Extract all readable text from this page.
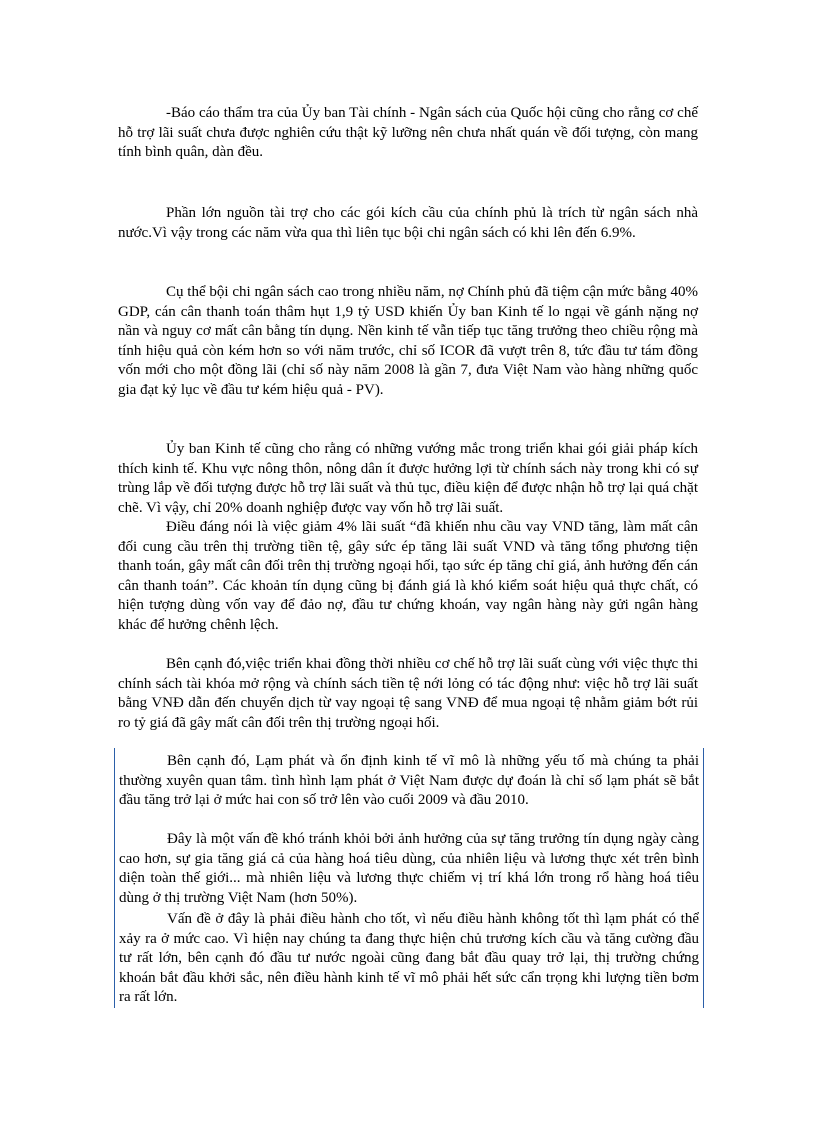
-Báo cáo thẩm tra của Ủy ban Tài chính - Ngân sách của Quốc hội cũng cho rằng cơ chế hỗ trợ lãi suất chưa được nghiên cứu thật kỹ lưỡng nên chưa nhất quán về đối tượng, còn mang tính bình quân, dàn đều.

Phần lớn nguồn tài trợ cho các gói kích cầu của chính phủ là trích từ ngân sách nhà nước.Vì vậy trong các năm vừa qua thì liên tục bội chi ngân sách có khi lên đến 6.9%.

Cụ thể bội chi ngân sách cao trong nhiều năm, nợ Chính phủ đã tiệm cận mức bằng 40% GDP, cán cân thanh toán thâm hụt 1,9 tỷ USD khiến Ủy ban Kinh tế lo ngại về gánh nặng nợ nần và nguy cơ mất cân bằng tín dụng. Nền kinh tế vẫn tiếp tục tăng trưởng theo chiều rộng mà tính hiệu quả còn kém hơn so với năm trước, chỉ số ICOR đã vượt trên 8, tức đầu tư tám đồng vốn mới cho một đồng lãi (chỉ số này năm 2008 là gần 7, đưa Việt Nam vào hàng những quốc gia đạt kỷ lục về đầu tư kém hiệu quả - PV).

Ủy ban Kinh tế cũng cho rằng có những vướng mắc trong triển khai gói giải pháp kích thích kinh tế. Khu vực nông thôn, nông dân ít được hưởng lợi từ chính sách này trong khi có sự trùng lắp về đối tượng được hỗ trợ lãi suất và thủ tục, điều kiện để được nhận hỗ trợ lại quá chặt chẽ. Vì vậy, chỉ 20% doanh nghiệp được vay vốn hỗ trợ lãi suất.

Điều đáng nói là việc giảm 4% lãi suất “đã khiến nhu cầu vay VND tăng, làm mất cân đối cung cầu trên thị trường tiền tệ, gây sức ép tăng lãi suất VND và tăng tổng phương tiện thanh toán, gây mất cân đối trên thị trường ngoại hối, tạo sức ép tăng chỉ giá, ảnh hưởng đến cán cân thanh toán”. Các khoản tín dụng cũng bị đánh giá là khó kiểm soát hiệu quả thực chất, có hiện tượng dùng vốn vay để đảo nợ, đầu tư chứng khoán, vay ngân hàng này gửi ngân hàng khác để hưởng chênh lệch.

Bên cạnh đó,việc triển khai đồng thời nhiều cơ chế hỗ trợ lãi suất cùng với việc thực thi chính sách tài khóa mở rộng và chính sách tiền tệ nới lỏng có tác động như: việc hỗ trợ lãi suất bằng VNĐ dẫn đến chuyển dịch từ vay ngoại tệ sang VNĐ để mua ngoại tệ nhằm giảm bớt rủi ro tỷ giá đã gây mất cân đối trên thị trường ngoại hối.

Bên cạnh đó, Lạm phát và ổn định kinh tế vĩ mô là những yếu tố mà chúng ta phải thường xuyên quan tâm. tình hình lạm phát ở Việt Nam được dự đoán là chỉ số lạm phát sẽ bắt đầu tăng trở lại ở mức hai con số trở lên vào cuối 2009 và đầu 2010.

Đây là một vấn đề khó tránh khỏi bởi ảnh hưởng của sự tăng trưởng tín dụng ngày càng cao hơn, sự gia tăng giá cả của hàng hoá tiêu dùng, của nhiên liệu và lương thực xét trên bình diện toàn thế giới... mà nhiên liệu và lương thực chiếm vị trí khá lớn trong rổ hàng hoá tiêu dùng ở thị trường Việt Nam (hơn 50%).

Vấn đề ở đây là phải điều hành cho tốt, vì nếu điều hành không tốt thì lạm phát có thể xảy ra ở mức cao. Vì hiện nay chúng ta đang thực hiện chủ trương kích cầu và tăng cường đầu tư rất lớn, bên cạnh đó đầu tư nước ngoài cũng đang bắt đầu quay trở lại, thị trường chứng khoán bắt đầu khởi sắc, nên điều hành kinh tế vĩ mô phải hết sức cẩn trọng khi lượng tiền bơm ra rất lớn.
